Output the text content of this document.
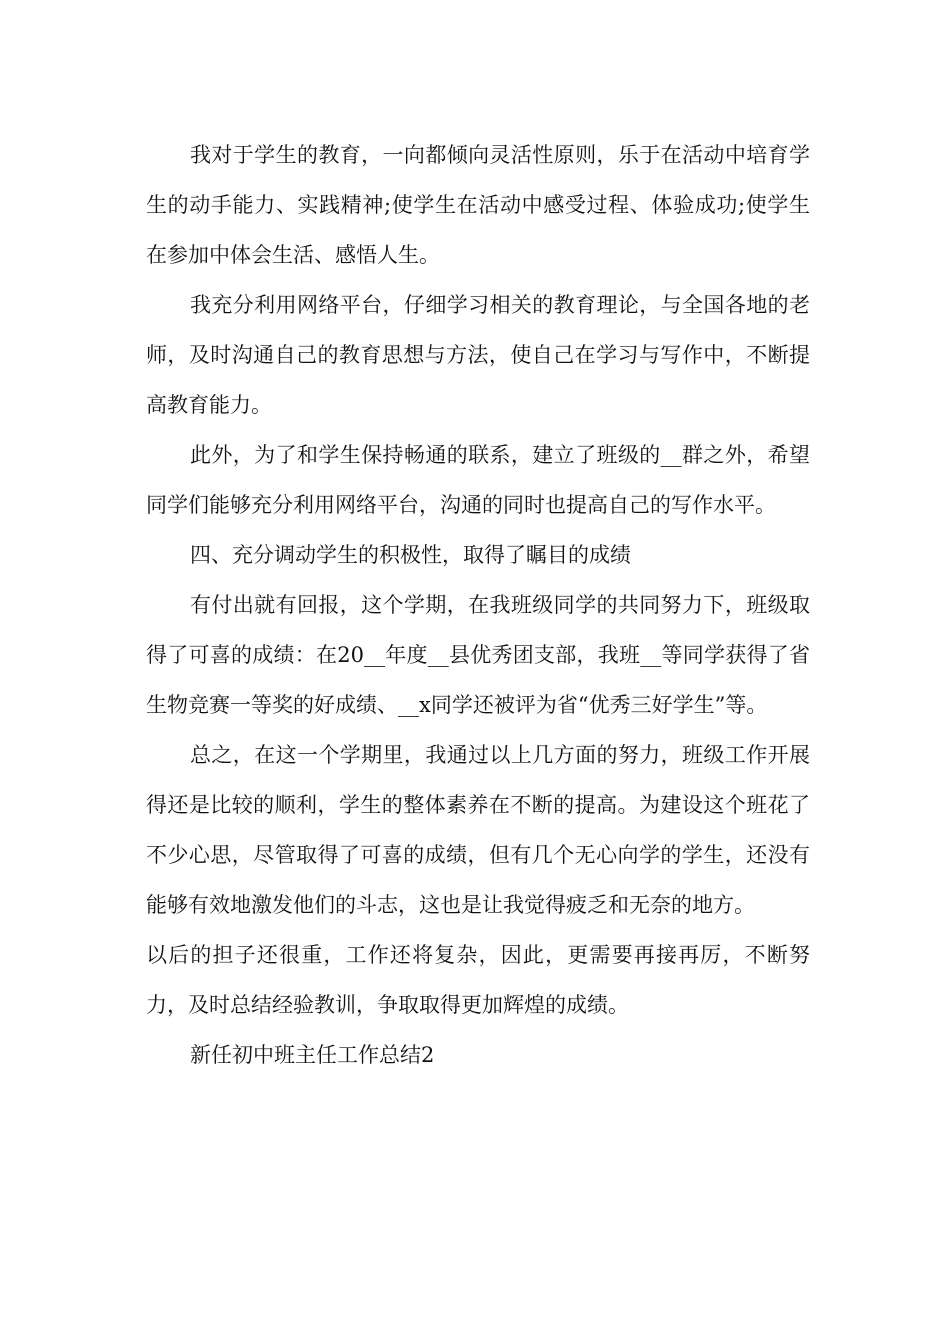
我对于学生的教育，一向都倾向灵活性原则，乐于在活动中培育学生的动手能力、实践精神;使学生在活动中感受过程、体验成功;使学生在参加中体会生活、感悟人生。

我充分利用网络平台，仔细学习相关的教育理论，与全国各地的老师，及时沟通自己的教育思想与方法，使自己在学习与写作中，不断提高教育能力。

此外，为了和学生保持畅通的联系，建立了班级的__群之外，希望同学们能够充分利用网络平台，沟通的同时也提高自己的写作水平。

四、充分调动学生的积极性，取得了瞩目的成绩

有付出就有回报，这个学期，在我班级同学的共同努力下，班级取得了可喜的成绩：在20__年度__县优秀团支部，我班__等同学获得了省生物竞赛一等奖的好成绩、__x同学还被评为省“优秀三好学生”等。

总之，在这一个学期里，我通过以上几方面的努力，班级工作开展得还是比较的顺利，学生的整体素养在不断的提高。为建设这个班花了不少心思，尽管取得了可喜的成绩，但有几个无心向学的学生，还没有能够有效地激发他们的斗志，这也是让我觉得疲乏和无奈的地方。

以后的担子还很重，工作还将复杂，因此，更需要再接再厉，不断努力，及时总结经验教训，争取取得更加辉煌的成绩。

新任初中班主任工作总结2
